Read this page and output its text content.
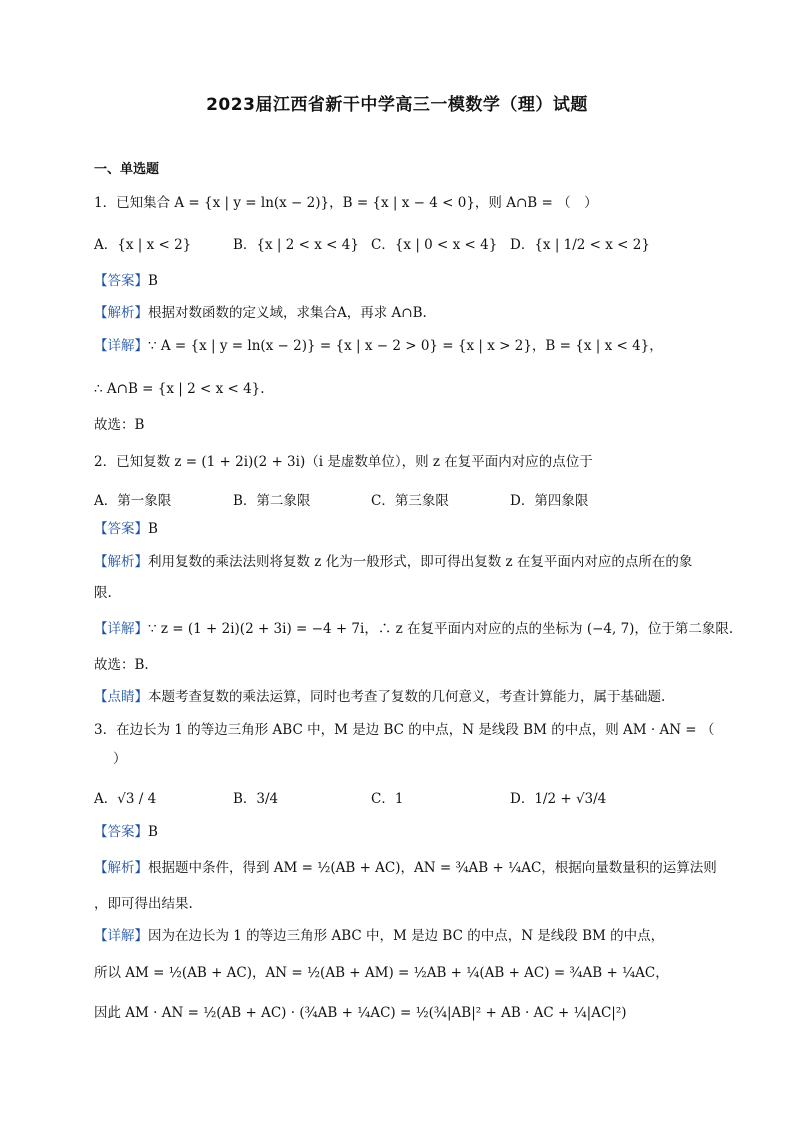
2023届江西省新干中学高三一模数学（理）试题
一、单选题
1．已知集合 A = {x | y = ln(x − 2)}，B = {x | x − 4 < 0}，则 A∩B = （　）
A．{x | x < 2}	B．{x | 2 < x < 4} C．{x | 0 < x < 4} D．{x | 1/2 < x < 2}
【答案】B
【解析】根据对数函数的定义域，求集合A，再求 A∩B.
【详解】∵ A = {x | y = ln(x − 2)} = {x | x − 2 > 0} = {x | x > 2}，B = {x | x < 4}，
∴ A∩B = {x | 2 < x < 4}.
故选：B
2．已知复数 z = (1 + 2i)(2 + 3i)（i 是虚数单位），则 z 在复平面内对应的点位于
A．第一象限	B．第二象限	C．第三象限	D．第四象限
【答案】B
【解析】利用复数的乘法法则将复数 z 化为一般形式，即可得出复数 z 在复平面内对应的点所在的象
限.
【详解】∵ z = (1 + 2i)(2 + 3i) = −4 + 7i，∴ z 在复平面内对应的点的坐标为 (−4, 7)，位于第二象限.
故选：B.
【点睛】本题考查复数的乘法运算，同时也考查了复数的几何意义，考查计算能力，属于基础题.
3．在边长为 1 的等边三角形 ABC 中，M 是边 BC 的中点，N 是线段 BM 的中点，则 AM · AN = （
）
A．√3 / 4	B．3/4	C．1	D．1/2 + √3/4
【答案】B
【解析】根据题中条件，得到 AM = ½(AB + AC)，AN = ¾AB + ¼AC，根据向量数量积的运算法则
，即可得出结果.
【详解】因为在边长为 1 的等边三角形 ABC 中，M 是边 BC 的中点，N 是线段 BM 的中点，
所以 AM = ½(AB + AC)，AN = ½(AB + AM) = ½AB + ¼(AB + AC) = ¾AB + ¼AC，
因此 AM · AN = ½(AB + AC) · (¾AB + ¼AC) = ½(¾|AB|² + AB · AC + ¼|AC|²)
